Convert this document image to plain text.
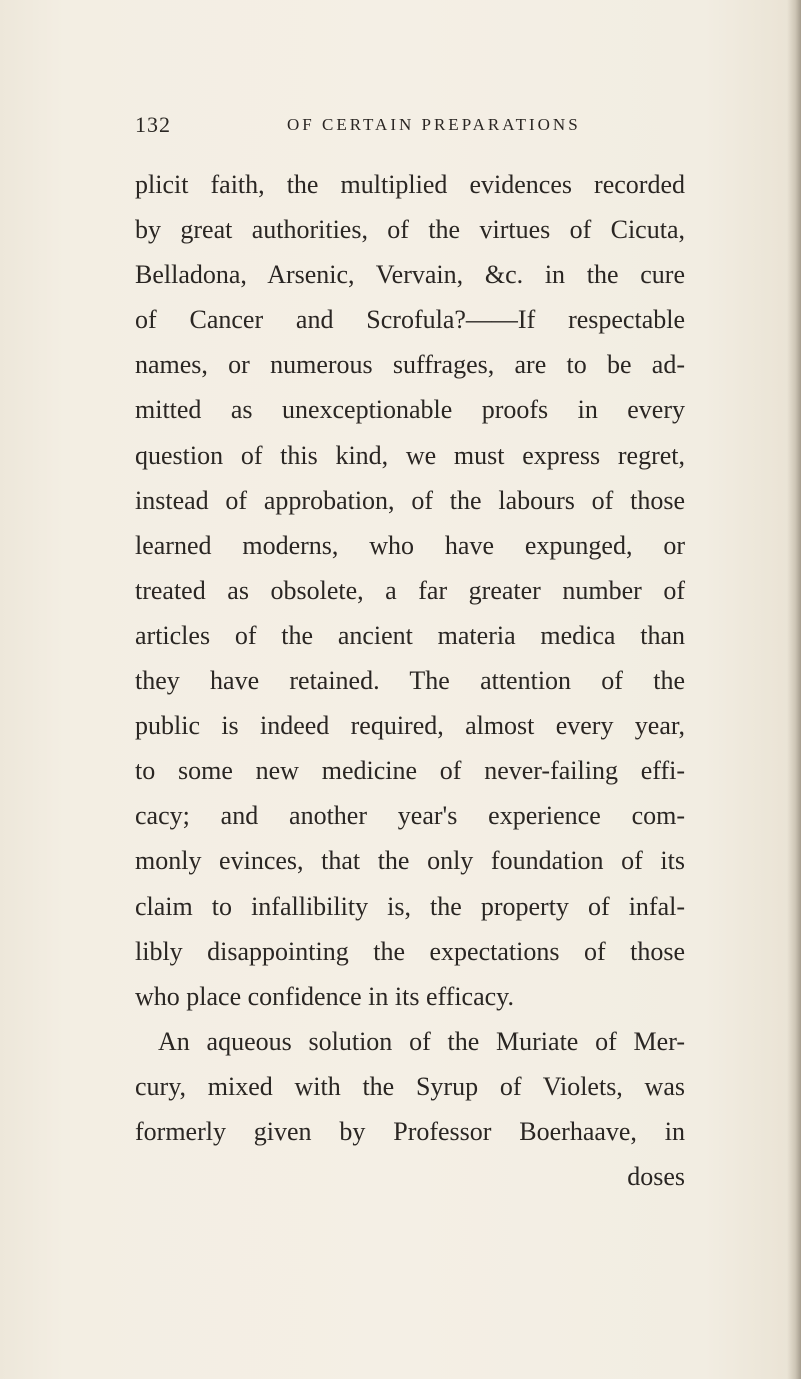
132	OF CERTAIN PREPARATIONS
plicit faith, the multiplied evidences recorded
by great authorities, of the virtues of Cicuta,
Belladona, Arsenic, Vervain, &c. in the cure
of Cancer and Scrofula?——If respectable
names, or numerous suffrages, are to be ad-
mitted as unexceptionable proofs in every
question of this kind, we must express regret,
instead of approbation, of the labours of those
learned moderns, who have expunged, or
treated as obsolete, a far greater number of
articles of the ancient materia medica than
they have retained. The attention of the
public is indeed required, almost every year,
to some new medicine of never-failing effi-
cacy; and another year's experience com-
monly evinces, that the only foundation of its
claim to infallibility is, the property of infal-
libly disappointing the expectations of those
who place confidence in its efficacy.
An aqueous solution of the Muriate of Mer-
cury, mixed with the Syrup of Violets, was
formerly given by Professor Boerhaave, in
doses
